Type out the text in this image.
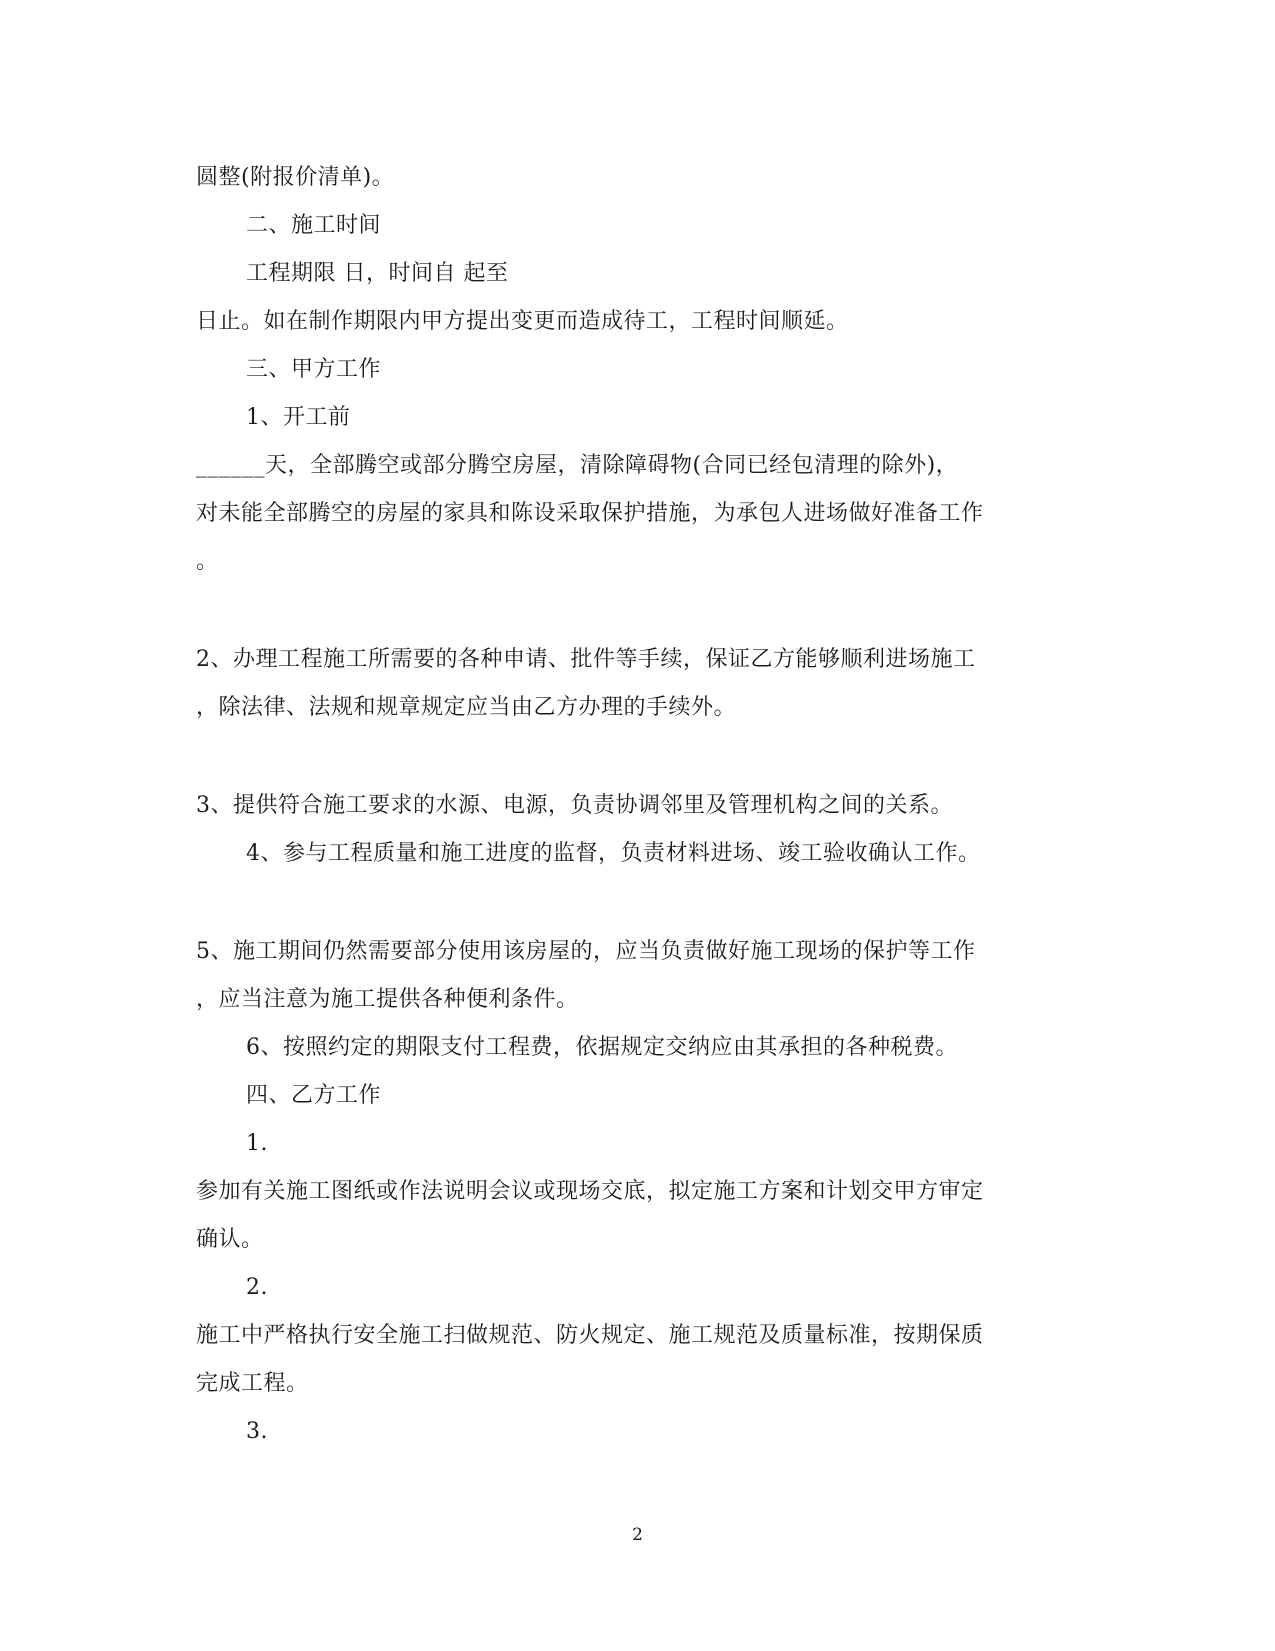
圆整(附报价清单)。
二、施工时间
工程期限 日，时间自 起至
日止。如在制作期限内甲方提出变更而造成待工，工程时间顺延。
三、甲方工作
1、开工前
______天，全部腾空或部分腾空房屋，清除障碍物(合同已经包清理的除外)，
对未能全部腾空的房屋的家具和陈设采取保护措施，为承包人进场做好准备工作
。
2、办理工程施工所需要的各种申请、批件等手续，保证乙方能够顺利进场施工
，除法律、法规和规章规定应当由乙方办理的手续外。
3、提供符合施工要求的水源、电源，负责协调邻里及管理机构之间的关系。
4、参与工程质量和施工进度的监督，负责材料进场、竣工验收确认工作。
5、施工期间仍然需要部分使用该房屋的，应当负责做好施工现场的保护等工作
，应当注意为施工提供各种便利条件。
6、按照约定的期限支付工程费，依据规定交纳应由其承担的各种税费。
四、乙方工作
1.
参加有关施工图纸或作法说明会议或现场交底，拟定施工方案和计划交甲方审定
确认。
2.
施工中严格执行安全施工扫做规范、防火规定、施工规范及质量标准，按期保质
完成工程。
3.
2
